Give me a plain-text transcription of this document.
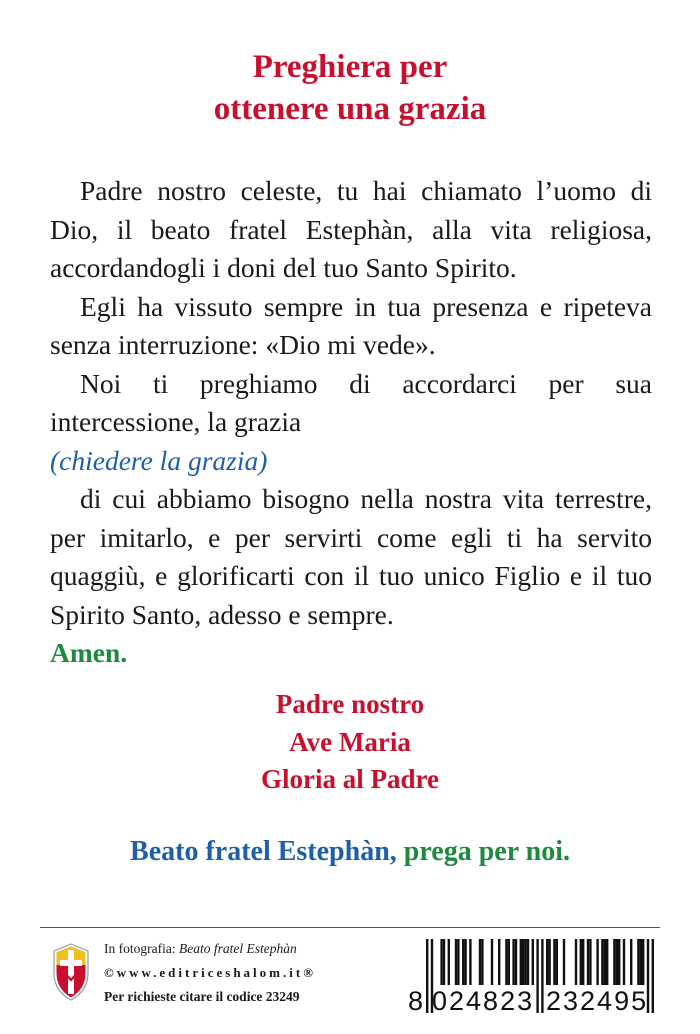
Preghiera per
ottenere una grazia

Padre nostro celeste, tu hai chiamato l’uomo di Dio, il beato fratel Estephàn, alla vita religiosa, accordandogli i doni del tuo Santo Spirito.

Egli ha vissuto sempre in tua presenza e ripeteva senza interruzione: «Dio mi vede».

Noi ti preghiamo di accordarci per sua intercessione, la grazia

(chiedere la grazia)

di cui abbiamo bisogno nella nostra vita terrestre, per imitarlo, e per servirti come egli ti ha servito quaggiù, e glorificarti con il tuo unico Figlio e il tuo Spirito Santo, adesso e sempre.

Amen.
Padre nostro
Ave Maria
Gloria al Padre
Beato fratel Estephàn, prega per noi.
In fotografia: Beato fratel Estephàn
©www.editriceshalom.it®
Per richieste citare il codice 23249	8 024823 232495
